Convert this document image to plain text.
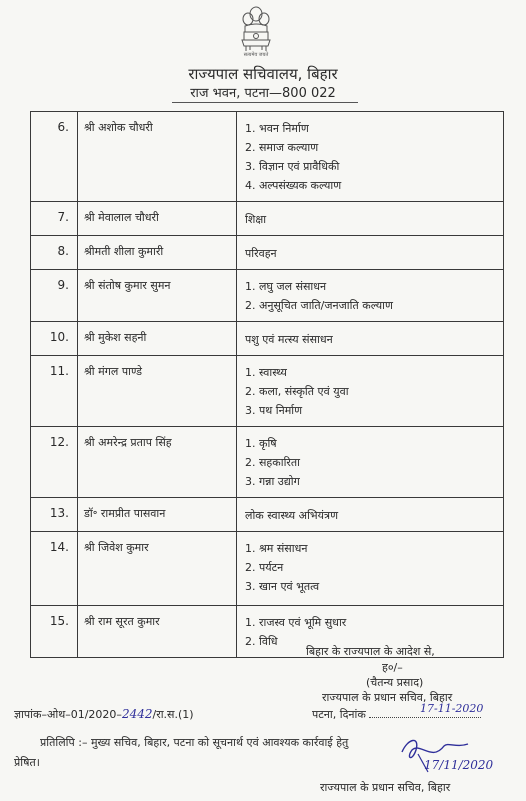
सत्यमेव जयते
राज्यपाल सचिवालय, बिहार
राज भवन, पटना—800 022
6.	श्री अशोक चौधरी	1. भवन निर्माण
2. समाज कल्याण
3. विज्ञान एवं प्रावैधिकी
4. अल्पसंख्यक कल्याण

7.	श्री मेवालाल चौधरी	शिक्षा

8.	श्रीमती शीला कुमारी	परिवहन

9.	श्री संतोष कुमार सुमन	1. लघु जल संसाधन
2. अनुसूचित जाति/जनजाति कल्याण

10.	श्री मुकेश सहनी	पशु एवं मत्स्य संसाधन

11.	श्री मंगल पाण्डे	1. स्वास्थ्य
2. कला, संस्कृति एवं युवा
3. पथ निर्माण

12.	श्री अमरेन्द्र प्रताप सिंह	1. कृषि
2. सहकारिता
3. गन्ना उद्योग

13.	डॉ॰ रामप्रीत पासवान	लोक स्वास्थ्य अभियंत्रण

14.	श्री जिवेश कुमार	1. श्रम संसाधन
2. पर्यटन
3. खान एवं भूतत्व

15.	श्री राम सूरत कुमार	1. राजस्व एवं भूमि सुधार
2. विधि
बिहार के राज्यपाल के आदेश से,
ह०/–
(चैतन्य प्रसाद)
राज्यपाल के प्रधान सचिव, बिहार
ज्ञापांक–ओथ–01/2020–2442/रा.स.(1)	पटना, दिनांक	17-11-2020
प्रतिलिपि :– मुख्य सचिव, बिहार, पटना को सूचनार्थ एवं आवश्यक कार्रवाई हेतु
प्रेषित।	17/11/2020
राज्यपाल के प्रधान सचिव, बिहार
